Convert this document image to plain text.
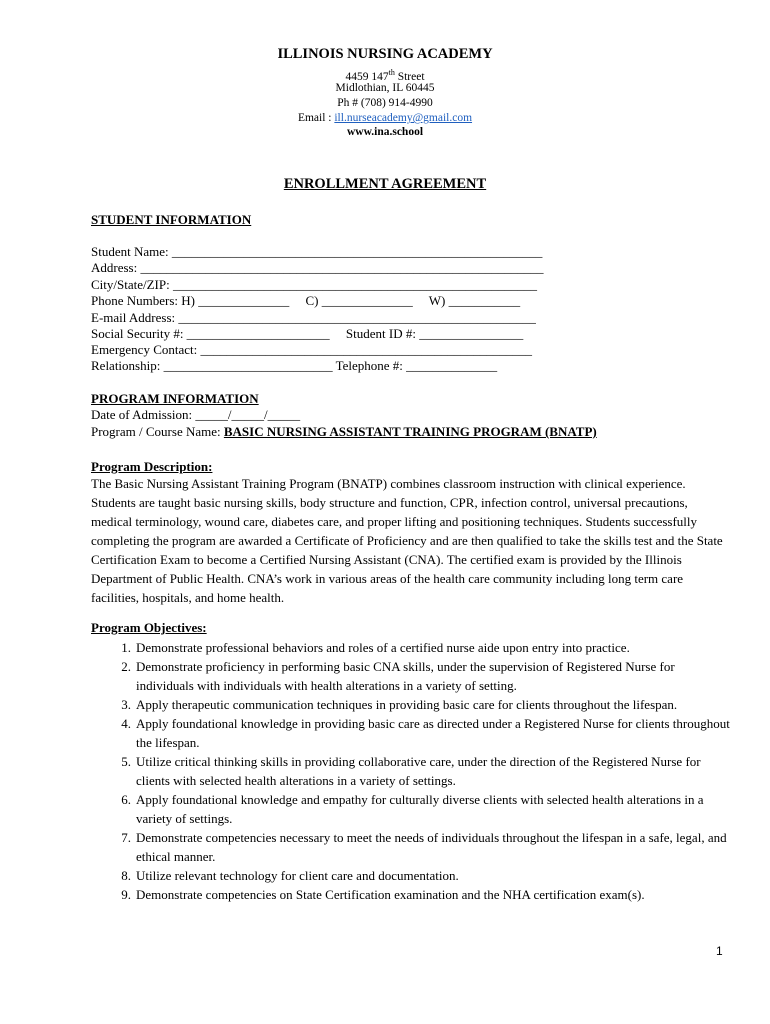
ILLINOIS NURSING ACADEMY
4459 147th Street
Midlothian, IL 60445
Ph # (708) 914-4990
Email : ill.nurseacademy@gmail.com
www.ina.school
ENROLLMENT AGREEMENT
STUDENT INFORMATION
Student Name: _________________________________________________________
Address: ______________________________________________________________
City/State/ZIP: ________________________________________________________
Phone Numbers: H) ______________     C) ______________     W) ___________
E-mail Address: _______________________________________________________
Social Security #: ______________________     Student ID #: ________________
Emergency Contact: ___________________________________________________
Relationship: __________________________ Telephone #: ______________
PROGRAM INFORMATION
Date of Admission: _____/_____/_____
Program / Course Name: BASIC NURSING ASSISTANT TRAINING PROGRAM (BNATP)
Program Description:
The Basic Nursing Assistant Training Program (BNATP) combines classroom instruction with clinical experience. Students are taught basic nursing skills, body structure and function, CPR, infection control, universal precautions, medical terminology, wound care, diabetes care, and proper lifting and positioning techniques. Students successfully completing the program are awarded a Certificate of Proficiency and are then qualified to take the skills test and the State Certification Exam to become a Certified Nursing Assistant (CNA). The certified exam is provided by the Illinois Department of Public Health. CNA’s work in various areas of the health care community including long term care facilities, hospitals, and home health.
Program Objectives:
1. Demonstrate professional behaviors and roles of a certified nurse aide upon entry into practice.
2. Demonstrate proficiency in performing basic CNA skills, under the supervision of Registered Nurse for individuals with individuals with health alterations in a variety of setting.
3. Apply therapeutic communication techniques in providing basic care for clients throughout the lifespan.
4. Apply foundational knowledge in providing basic care as directed under a Registered Nurse for clients throughout the lifespan.
5. Utilize critical thinking skills in providing collaborative care, under the direction of the Registered Nurse for clients with selected health alterations in a variety of settings.
6. Apply foundational knowledge and empathy for culturally diverse clients with selected health alterations in a variety of settings.
7. Demonstrate competencies necessary to meet the needs of individuals throughout the lifespan in a safe, legal, and ethical manner.
8. Utilize relevant technology for client care and documentation.
9. Demonstrate competencies on State Certification examination and the NHA certification exam(s).
1
